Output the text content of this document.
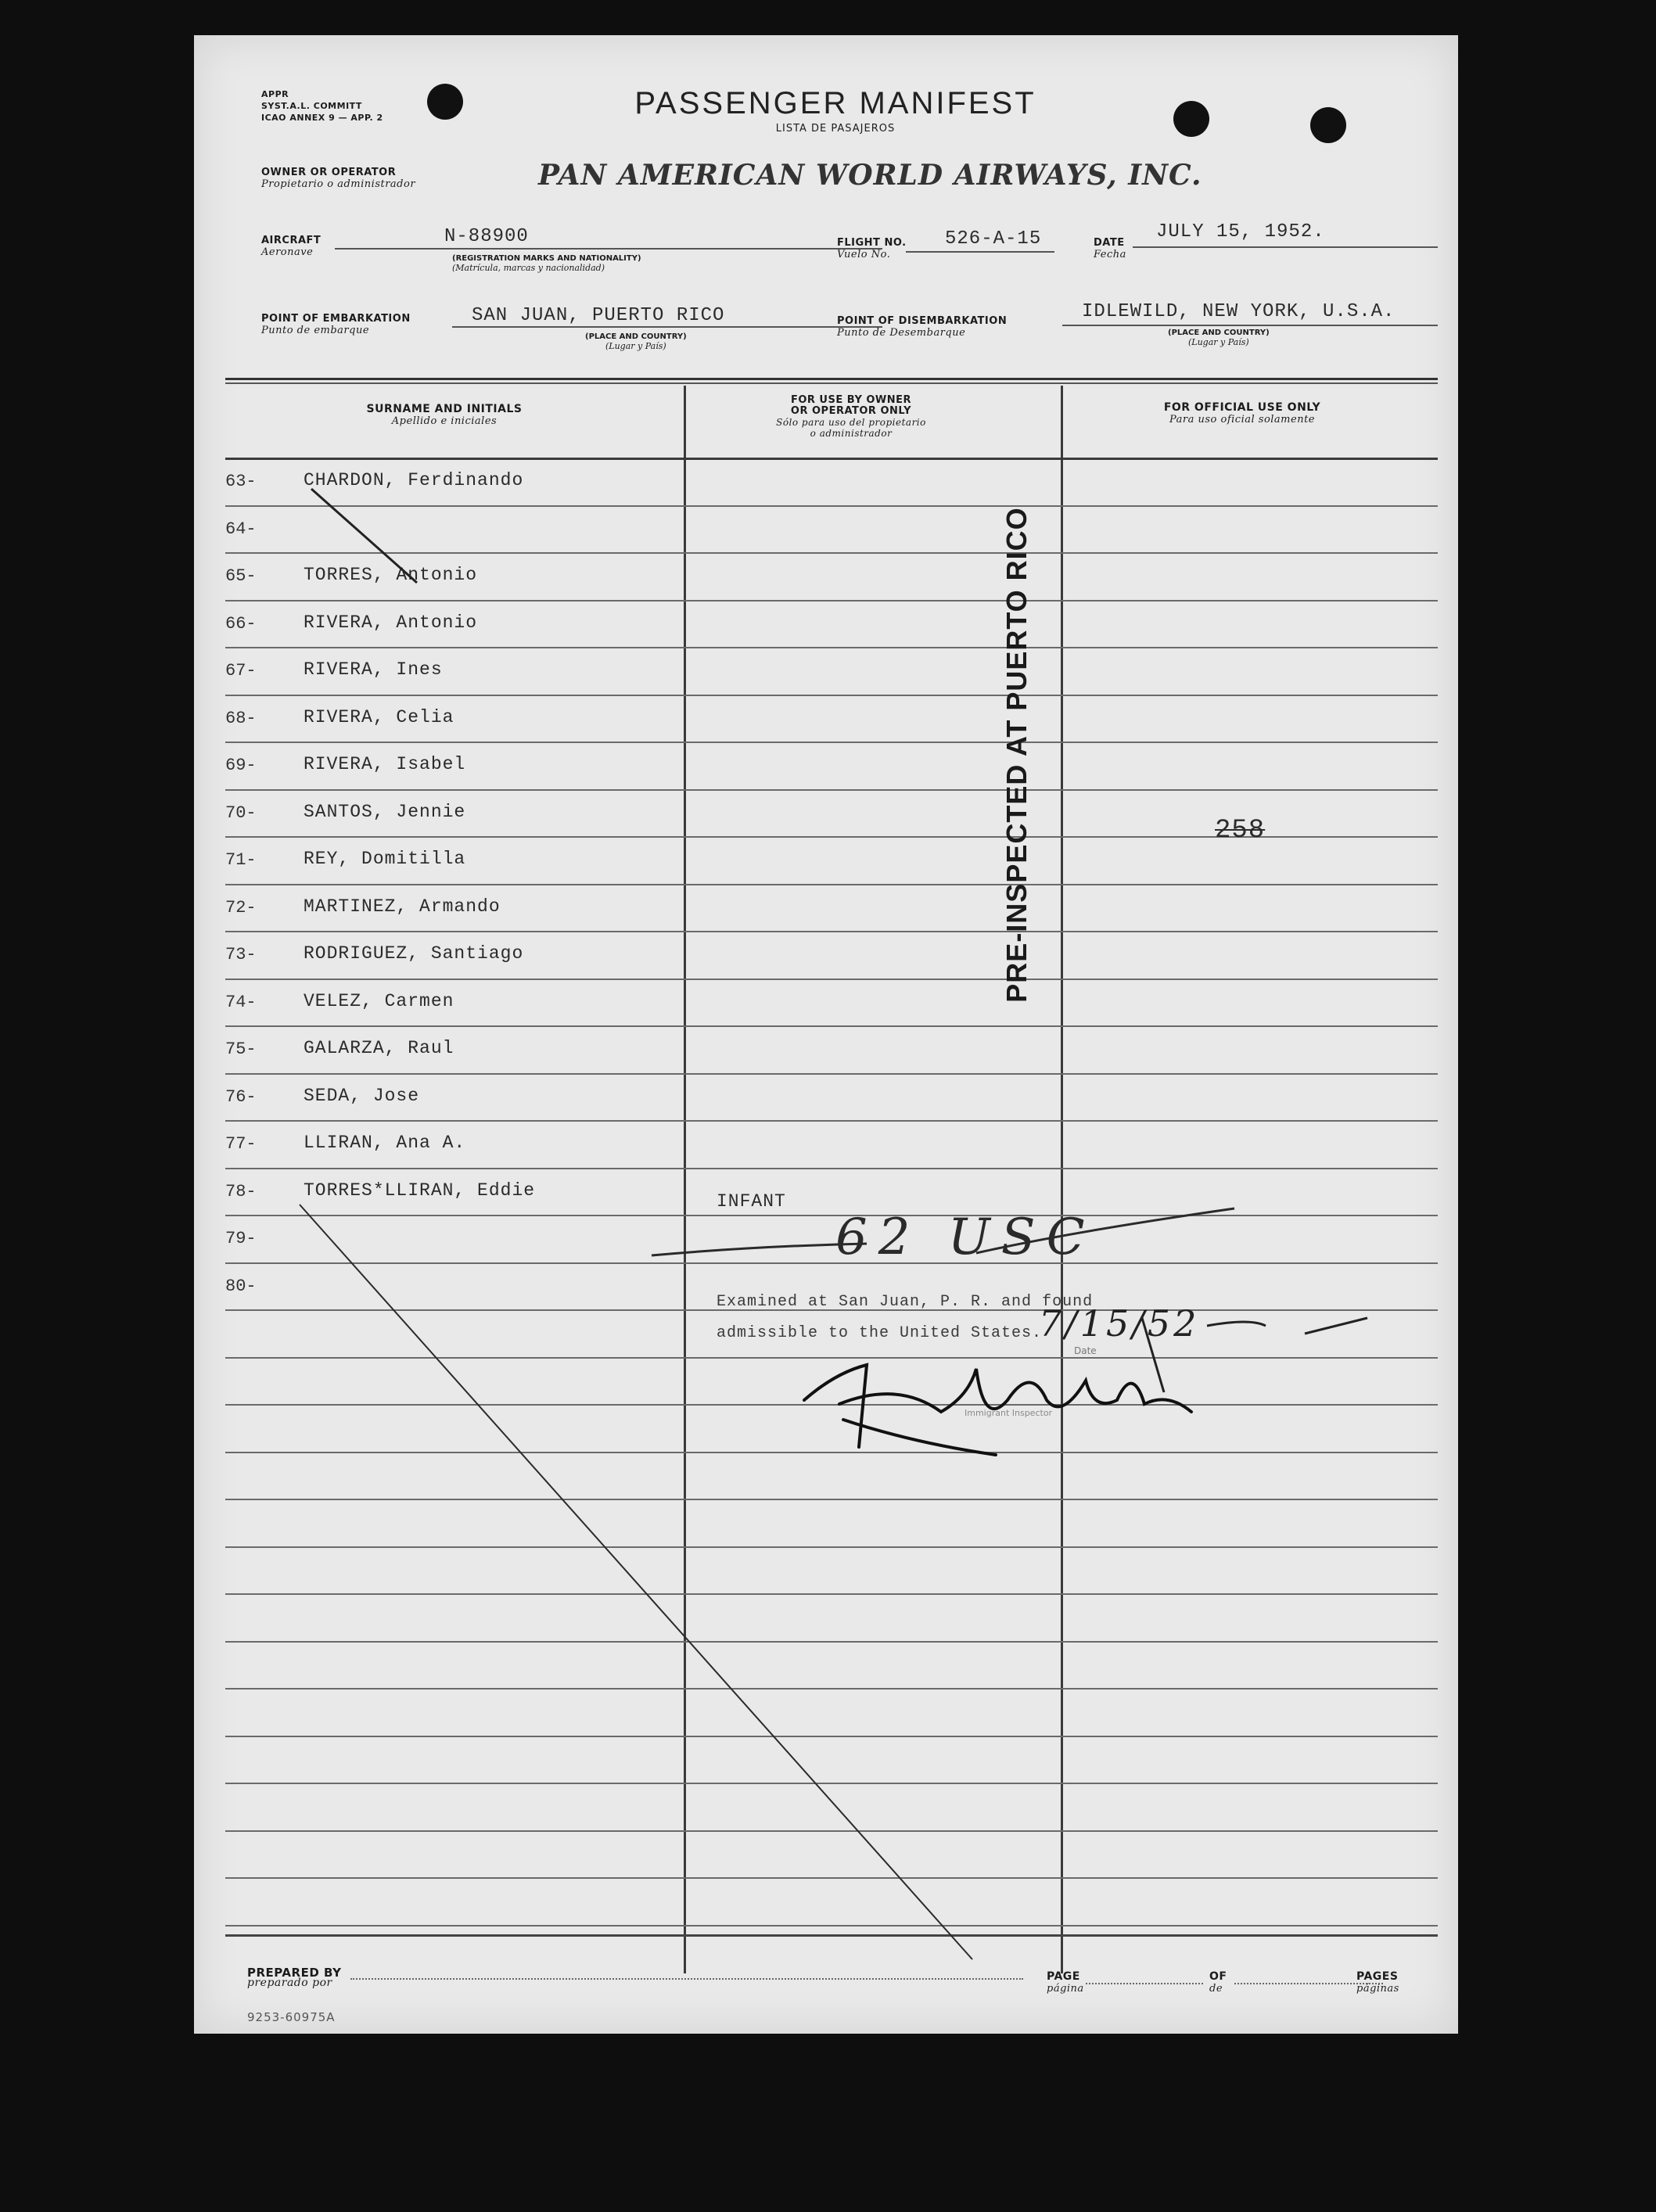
APPR
SYST.A.L. COMMITT
ICAO ANNEX 9 — APP. 2	PASSENGER MANIFEST
LISTA DE PASAJEROS
OWNER OR OPERATOR
Propietario o administrador	PAN AMERICAN WORLD AIRWAYS, INC.
AIRCRAFT
Aeronave
N-88900
(REGISTRATION MARKS AND NATIONALITY)
(Matrícula, marcas y nacionalidad)
FLIGHT NO.
Vuelo No.
526-A-15	DATE
Fecha
JULY 15, 1952.
POINT OF EMBARKATION
Punto de embarque
SAN JUAN, PUERTO RICO
(PLACE AND COUNTRY)
(Lugar y País)
POINT OF DISEMBARKATION
Punto de Desembarque
IDLEWILD, NEW YORK, U.S.A.
(PLACE AND COUNTRY)
(Lugar y País)
SURNAME AND INITIALS
Apellido e iniciales
FOR USE BY OWNER
OR OPERATOR ONLY
Sólo para uso del propietario
o administrador
FOR OFFICIAL USE ONLY
Para uso oficial solamente
63-	CHARDON, Ferdinando
64-
65-	TORRES, Antonio
66-	RIVERA, Antonio
67-	RIVERA, Ines
68-	RIVERA, Celia
69-	RIVERA, Isabel
70-	SANTOS, Jennie
71-	REY, Domitilla
72-	MARTINEZ, Armando
73-	RODRIGUEZ, Santiago
74-	VELEZ, Carmen
75-	GALARZA, Raul
76-	SEDA, Jose
77-	LLIRAN, Ana A.
78-	TORRES*LLIRAN, Eddie
79-
80-
PRE-INSPECTED AT PUERTO RICO	258
INFANT
62 USC
Examined at San Juan, P. R. and found
admissible to the United States.
7/15/52
Date
Immigrant Inspector
PREPARED BY
preparado por
9253-60975A
PAGE
página
OF
de
PAGES
páginas
